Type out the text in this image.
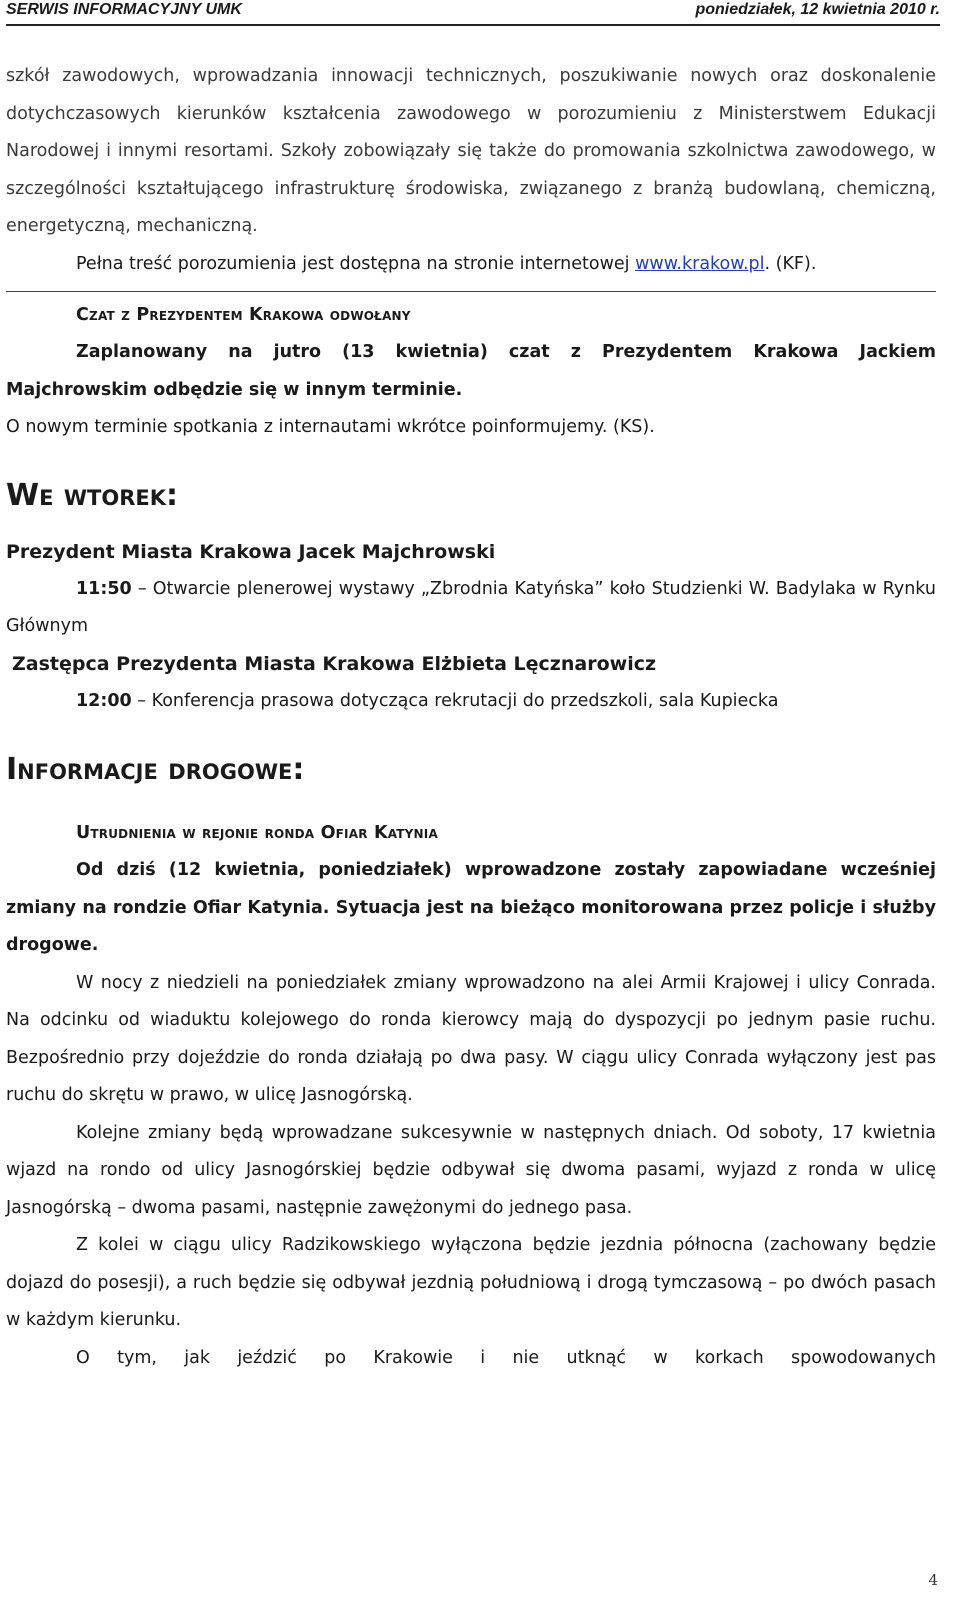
SERWIS INFORMACYJNY UMK	poniedziałek, 12 kwietnia 2010 r.

szkół zawodowych, wprowadzania innowacji technicznych, poszukiwanie nowych oraz doskonalenie dotychczasowych kierunków kształcenia zawodowego w porozumieniu z Ministerstwem Edukacji Narodowej i innymi resortami. Szkoły zobowiązały się także do promowania szkolnictwa zawodowego, w szczególności kształtującego infrastrukturę środowiska, związanego z branżą budowlaną, chemiczną, energetyczną, mechaniczną.

Pełna treść porozumienia jest dostępna na stronie internetowej www.krakow.pl. (KF).

Czat z Prezydentem Krakowa odwołany

Zaplanowany na jutro (13 kwietnia) czat z Prezydentem Krakowa Jackiem Majchrowskim odbędzie się w innym terminie.

O nowym terminie spotkania z internautami wkrótce poinformujemy. (KS).

We wtorek:
Prezydent Miasta Krakowa Jacek Majchrowski

11:50 – Otwarcie plenerowej wystawy „Zbrodnia Katyńska” koło Studzienki W. Badylaka w Rynku Głównym

Zastępca Prezydenta Miasta Krakowa Elżbieta Lęcznarowicz

12:00 – Konferencja prasowa dotycząca rekrutacji do przedszkoli, sala Kupiecka

Informacje drogowe:
Utrudnienia w rejonie ronda Ofiar Katynia

Od dziś (12 kwietnia, poniedziałek) wprowadzone zostały zapowiadane wcześniej zmiany na rondzie Ofiar Katynia. Sytuacja jest na bieżąco monitorowana przez policje i służby drogowe.

W nocy z niedzieli na poniedziałek zmiany wprowadzono na alei Armii Krajowej i ulicy Conrada. Na odcinku od wiaduktu kolejowego do ronda kierowcy mają do dyspozycji po jednym pasie ruchu. Bezpośrednio przy dojeździe do ronda działają po dwa pasy. W ciągu ulicy Conrada wyłączony jest pas ruchu do skrętu w prawo, w ulicę Jasnogórską.

Kolejne zmiany będą wprowadzane sukcesywnie w następnych dniach. Od soboty, 17 kwietnia wjazd na rondo od ulicy Jasnogórskiej będzie odbywał się dwoma pasami, wyjazd z ronda w ulicę Jasnogórską – dwoma pasami, następnie zawężonymi do jednego pasa.

Z kolei w ciągu ulicy Radzikowskiego wyłączona będzie jezdnia północna (zachowany będzie dojazd do posesji), a ruch będzie się odbywał jezdnią południową i drogą tymczasową – po dwóch pasach w każdym kierunku.

O tym, jak jeździć po Krakowie i nie utknąć w korkach spowodowanych

4
